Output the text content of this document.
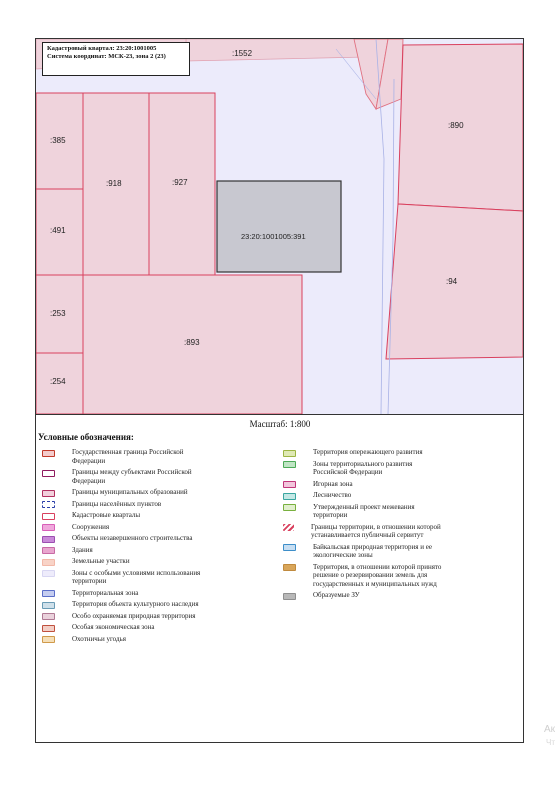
:1552
:890
:385
:918	:927
:491
23:20:1001005:391
:94
:253
:893
:254
Кадастровый квартал: 23:20:1001005
Система координат: МСК-23, зона 2 (23)
Масштаб: 1:800
Условные обозначения:
Государственная граница Российской Федерации
Границы между субъектами Российской Федерации
Границы муниципальных образований
Границы населённых пунктов
Кадастровые кварталы
Сооружения
Объекты незавершенного строительства
Здания
Земельные участки
Зоны с особыми условиями использования территории
Территориальная зона
Территория объекта культурного наследия
Особо охраняемая природная территория
Особая экономическая зона
Охотничьи угодья
Территория опережающего развития
Зоны территориального развития Российской Федерации
Игорная зона
Лесничество
Утвержденный проект межевания территории
Границы территории, в отношении которой устанавливается публичный сервитут
Байкальская природная территория и ее экологические зоны
Территория, в отношении которой принято решение о резервировании земель для государственных и муниципальных нужд
Образуемые ЗУ
Ак
Чт
